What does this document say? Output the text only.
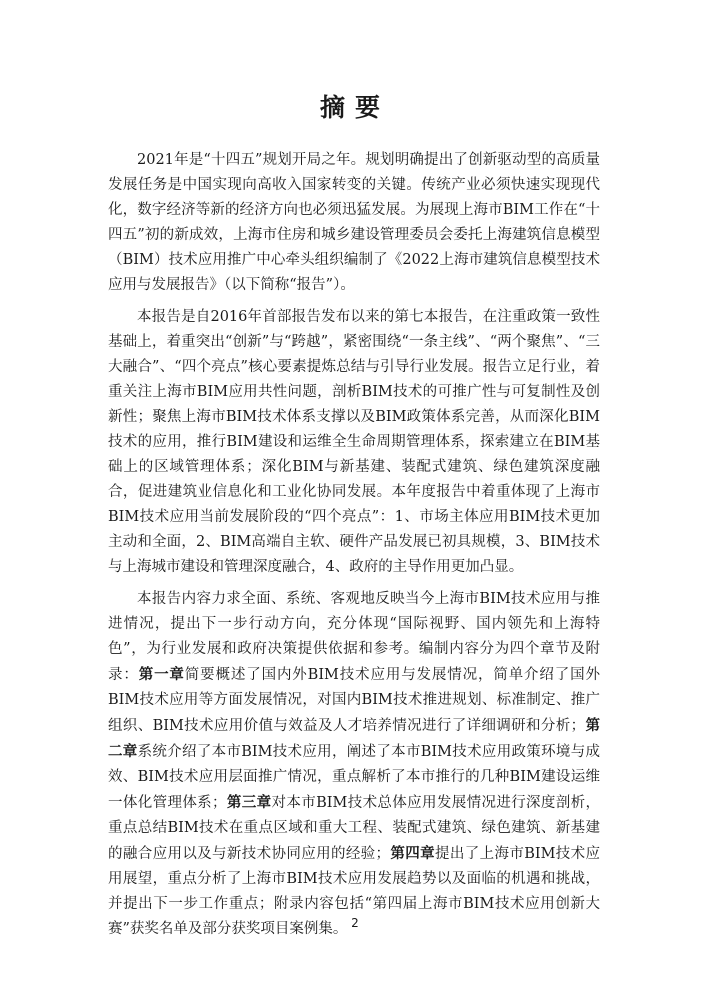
摘要

2021年是“十四五”规划开局之年。规划明确提出了创新驱动型的高质量发展任务是中国实现向高收入国家转变的关键。传统产业必须快速实现现代化，数字经济等新的经济方向也必须迅猛发展。为展现上海市BIM工作在“十四五”初的新成效，上海市住房和城乡建设管理委员会委托上海建筑信息模型（BIM）技术应用推广中心牵头组织编制了《2022上海市建筑信息模型技术应用与发展报告》（以下简称“报告”）。

本报告是自2016年首部报告发布以来的第七本报告，在注重政策一致性基础上，着重突出“创新”与“跨越”，紧密围绕“一条主线”、“两个聚焦”、“三大融合”、“四个亮点”核心要素提炼总结与引导行业发展。报告立足行业，着重关注上海市BIM应用共性问题，剖析BIM技术的可推广性与可复制性及创新性；聚焦上海市BIM技术体系支撑以及BIM政策体系完善，从而深化BIM技术的应用，推行BIM建设和运维全生命周期管理体系，探索建立在BIM基础上的区域管理体系；深化BIM与新基建、装配式建筑、绿色建筑深度融合，促进建筑业信息化和工业化协同发展。本年度报告中着重体现了上海市BIM技术应用当前发展阶段的“四个亮点”：1、市场主体应用BIM技术更加主动和全面，2、BIM高端自主软、硬件产品发展已初具规模，3、BIM技术与上海城市建设和管理深度融合，4、政府的主导作用更加凸显。

本报告内容力求全面、系统、客观地反映当今上海市BIM技术应用与推进情况，提出下一步行动方向，充分体现“国际视野、国内领先和上海特色”，为行业发展和政府决策提供依据和参考。编制内容分为四个章节及附录：第一章简要概述了国内外BIM技术应用与发展情况，简单介绍了国外BIM技术应用等方面发展情况，对国内BIM技术推进规划、标准制定、推广组织、BIM技术应用价值与效益及人才培养情况进行了详细调研和分析；第二章系统介绍了本市BIM技术应用，阐述了本市BIM技术应用政策环境与成效、BIM技术应用层面推广情况，重点解析了本市推行的几种BIM建设运维一体化管理体系；第三章对本市BIM技术总体应用发展情况进行深度剖析，重点总结BIM技术在重点区域和重大工程、装配式建筑、绿色建筑、新基建的融合应用以及与新技术协同应用的经验；第四章提出了上海市BIM技术应用展望，重点分析了上海市BIM技术应用发展趋势以及面临的机遇和挑战，并提出下一步工作重点；附录内容包括“第四届上海市BIM技术应用创新大赛”获奖名单及部分获奖项目案例集。 2
